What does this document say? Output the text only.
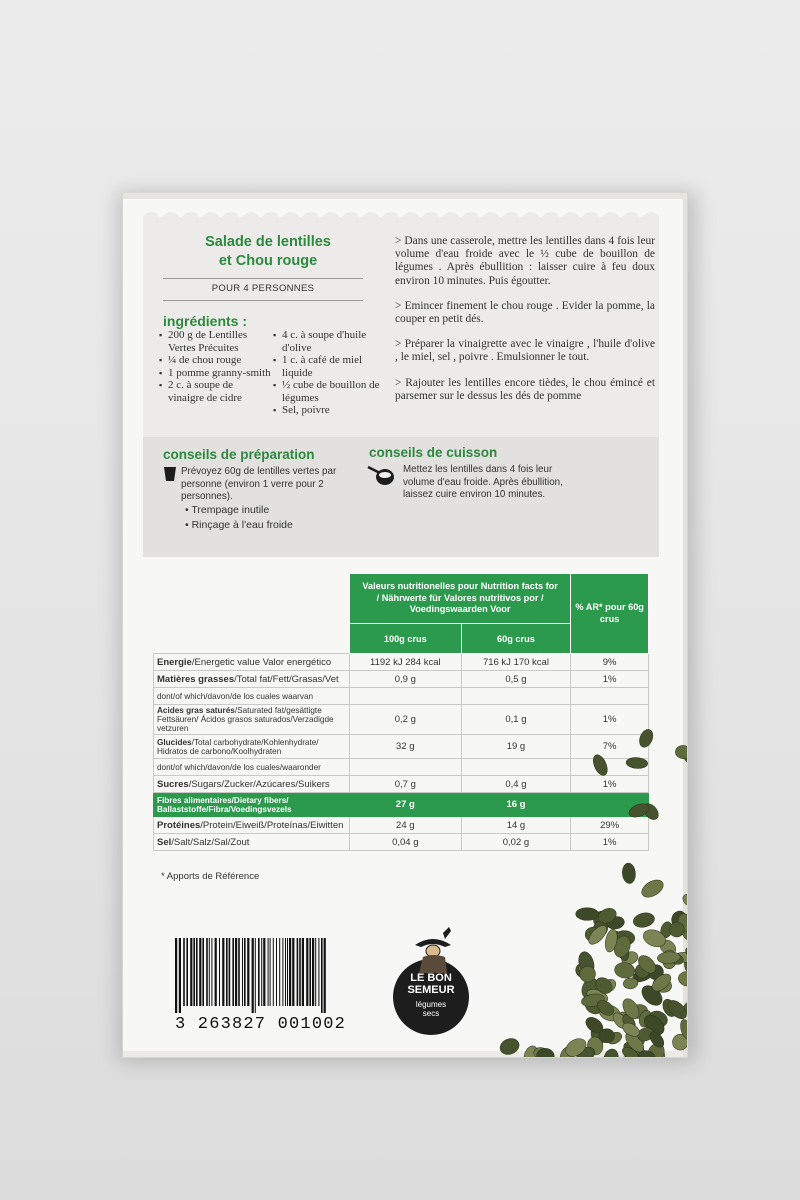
Salade de lentilles
et Chou rouge
POUR 4 PERSONNES
ingrédients :
▪ 200 g de Lentilles Vertes Précuites
▪ ¼ de chou rouge
▪ 1 pomme granny-smith
▪ 2 c. à soupe de vinaigre de cidre
▪ 4 c. à soupe d'huile d'olive
▪ 1 c. à café de miel liquide
▪ ½ cube de bouillon de légumes
▪ Sel, poivre

> Dans une casserole, mettre les lentilles dans 4 fois leur volume d'eau froide avec le ½ cube de bouillon de légumes . Après ébullition : laisser cuire à feu doux environ 10 minutes. Puis égoutter.

> Emincer finement le chou rouge . Evider la pomme, la couper en petit dés.

> Préparer la vinaigrette avec le vinaigre , l'huile d'olive , le miel, sel , poivre . Emulsionner le tout.

> Rajouter les lentilles encore tièdes, le chou émincé et parsemer sur le dessus les dés de pomme

conseils de préparation
Prévoyez 60g de lentilles vertes par personne (environ 1 verre pour 2 personnes).
• Trempage inutile
• Rinçage à l'eau froide
conseils de cuisson
Mettez les lentilles dans 4 fois leur volume d'eau froide. Après ébullition, laissez cuire environ 10 minutes.
	Valeurs nutritionelles pour Nutrition facts for / Nährwerte für Valores nutritivos por / Voedingswaarden Voor		% AR* pour 60g crus
	100g crus	60g crus	
Energie/Energetic value Valor energético	1192 kJ 284 kcal	716 kJ 170 kcal	9%
Matières grasses/Total fat/Fett/Grasas/Vet	0,9 g	0,5 g	1%
dont/of which/davon/de los cuales waarvan			
Acides gras saturés/Saturated fat/gesättigte Fettsäuren/ Ácidos grasos saturados/Verzadigde vetzuren	0,2 g	0,1 g	1%
Glucides/Total carbohydrate/Kohlenhydrate/ Hidratos de carbono/Koolhydraten	32 g	19 g	7%
dont/of which/davon/de los cuales/waaronder			
Sucres/Sugars/Zucker/Azúcares/Suikers	0,7 g	0,4 g	1%
Fibres alimentaires/Dietary fibers/ Ballaststoffe/Fibra/Voedingsvezels	27 g	16 g	
Protéines/Protein/Eiweiß/Proteínas/Eiwitten	24 g	14 g	29%
Sel/Salt/Salz/Sal/Zout	0,04 g	0,02 g	1%
* Apports de Référence
3 263827 001002
LE BON
SEMEUR
légumes
secs
